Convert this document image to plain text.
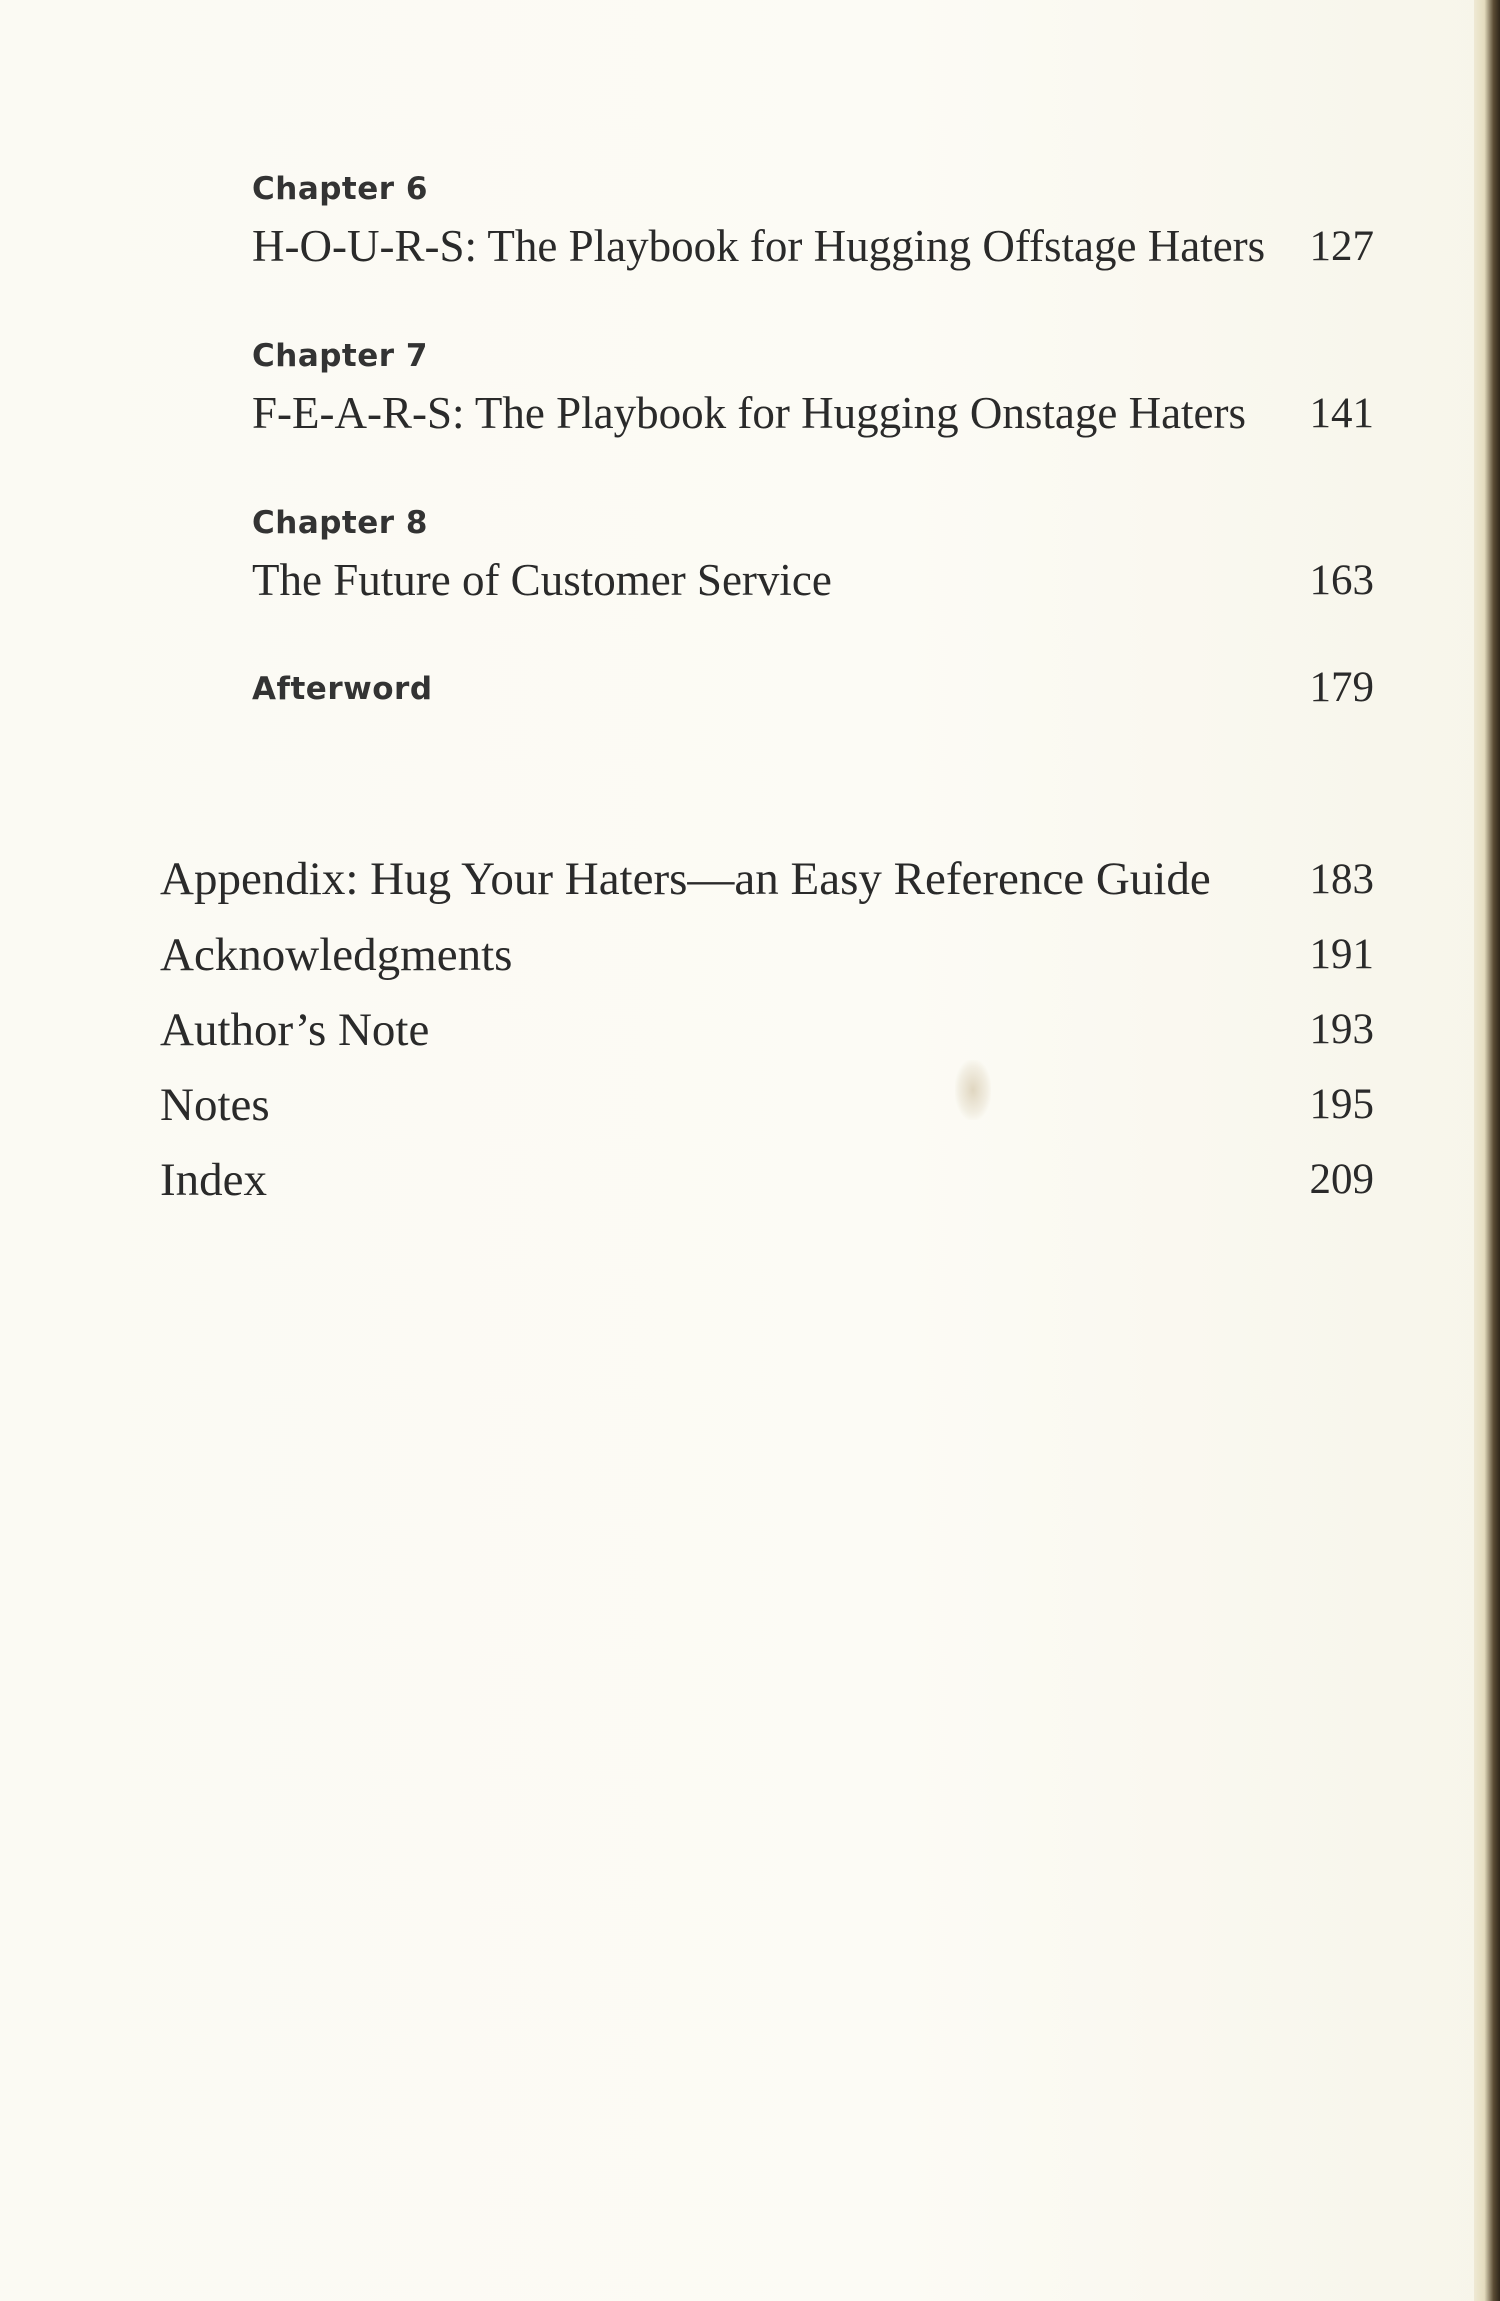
Chapter 6
H-O-U-R-S: The Playbook for Hugging Offstage Haters 127
Chapter 7
F-E-A-R-S: The Playbook for Hugging Onstage Haters 141
Chapter 8
The Future of Customer Service	163
Afterword	179
Appendix: Hug Your Haters—an Easy Reference Guide 183
Acknowledgments	191
Author’s Note	193
Notes	195
Index	209
